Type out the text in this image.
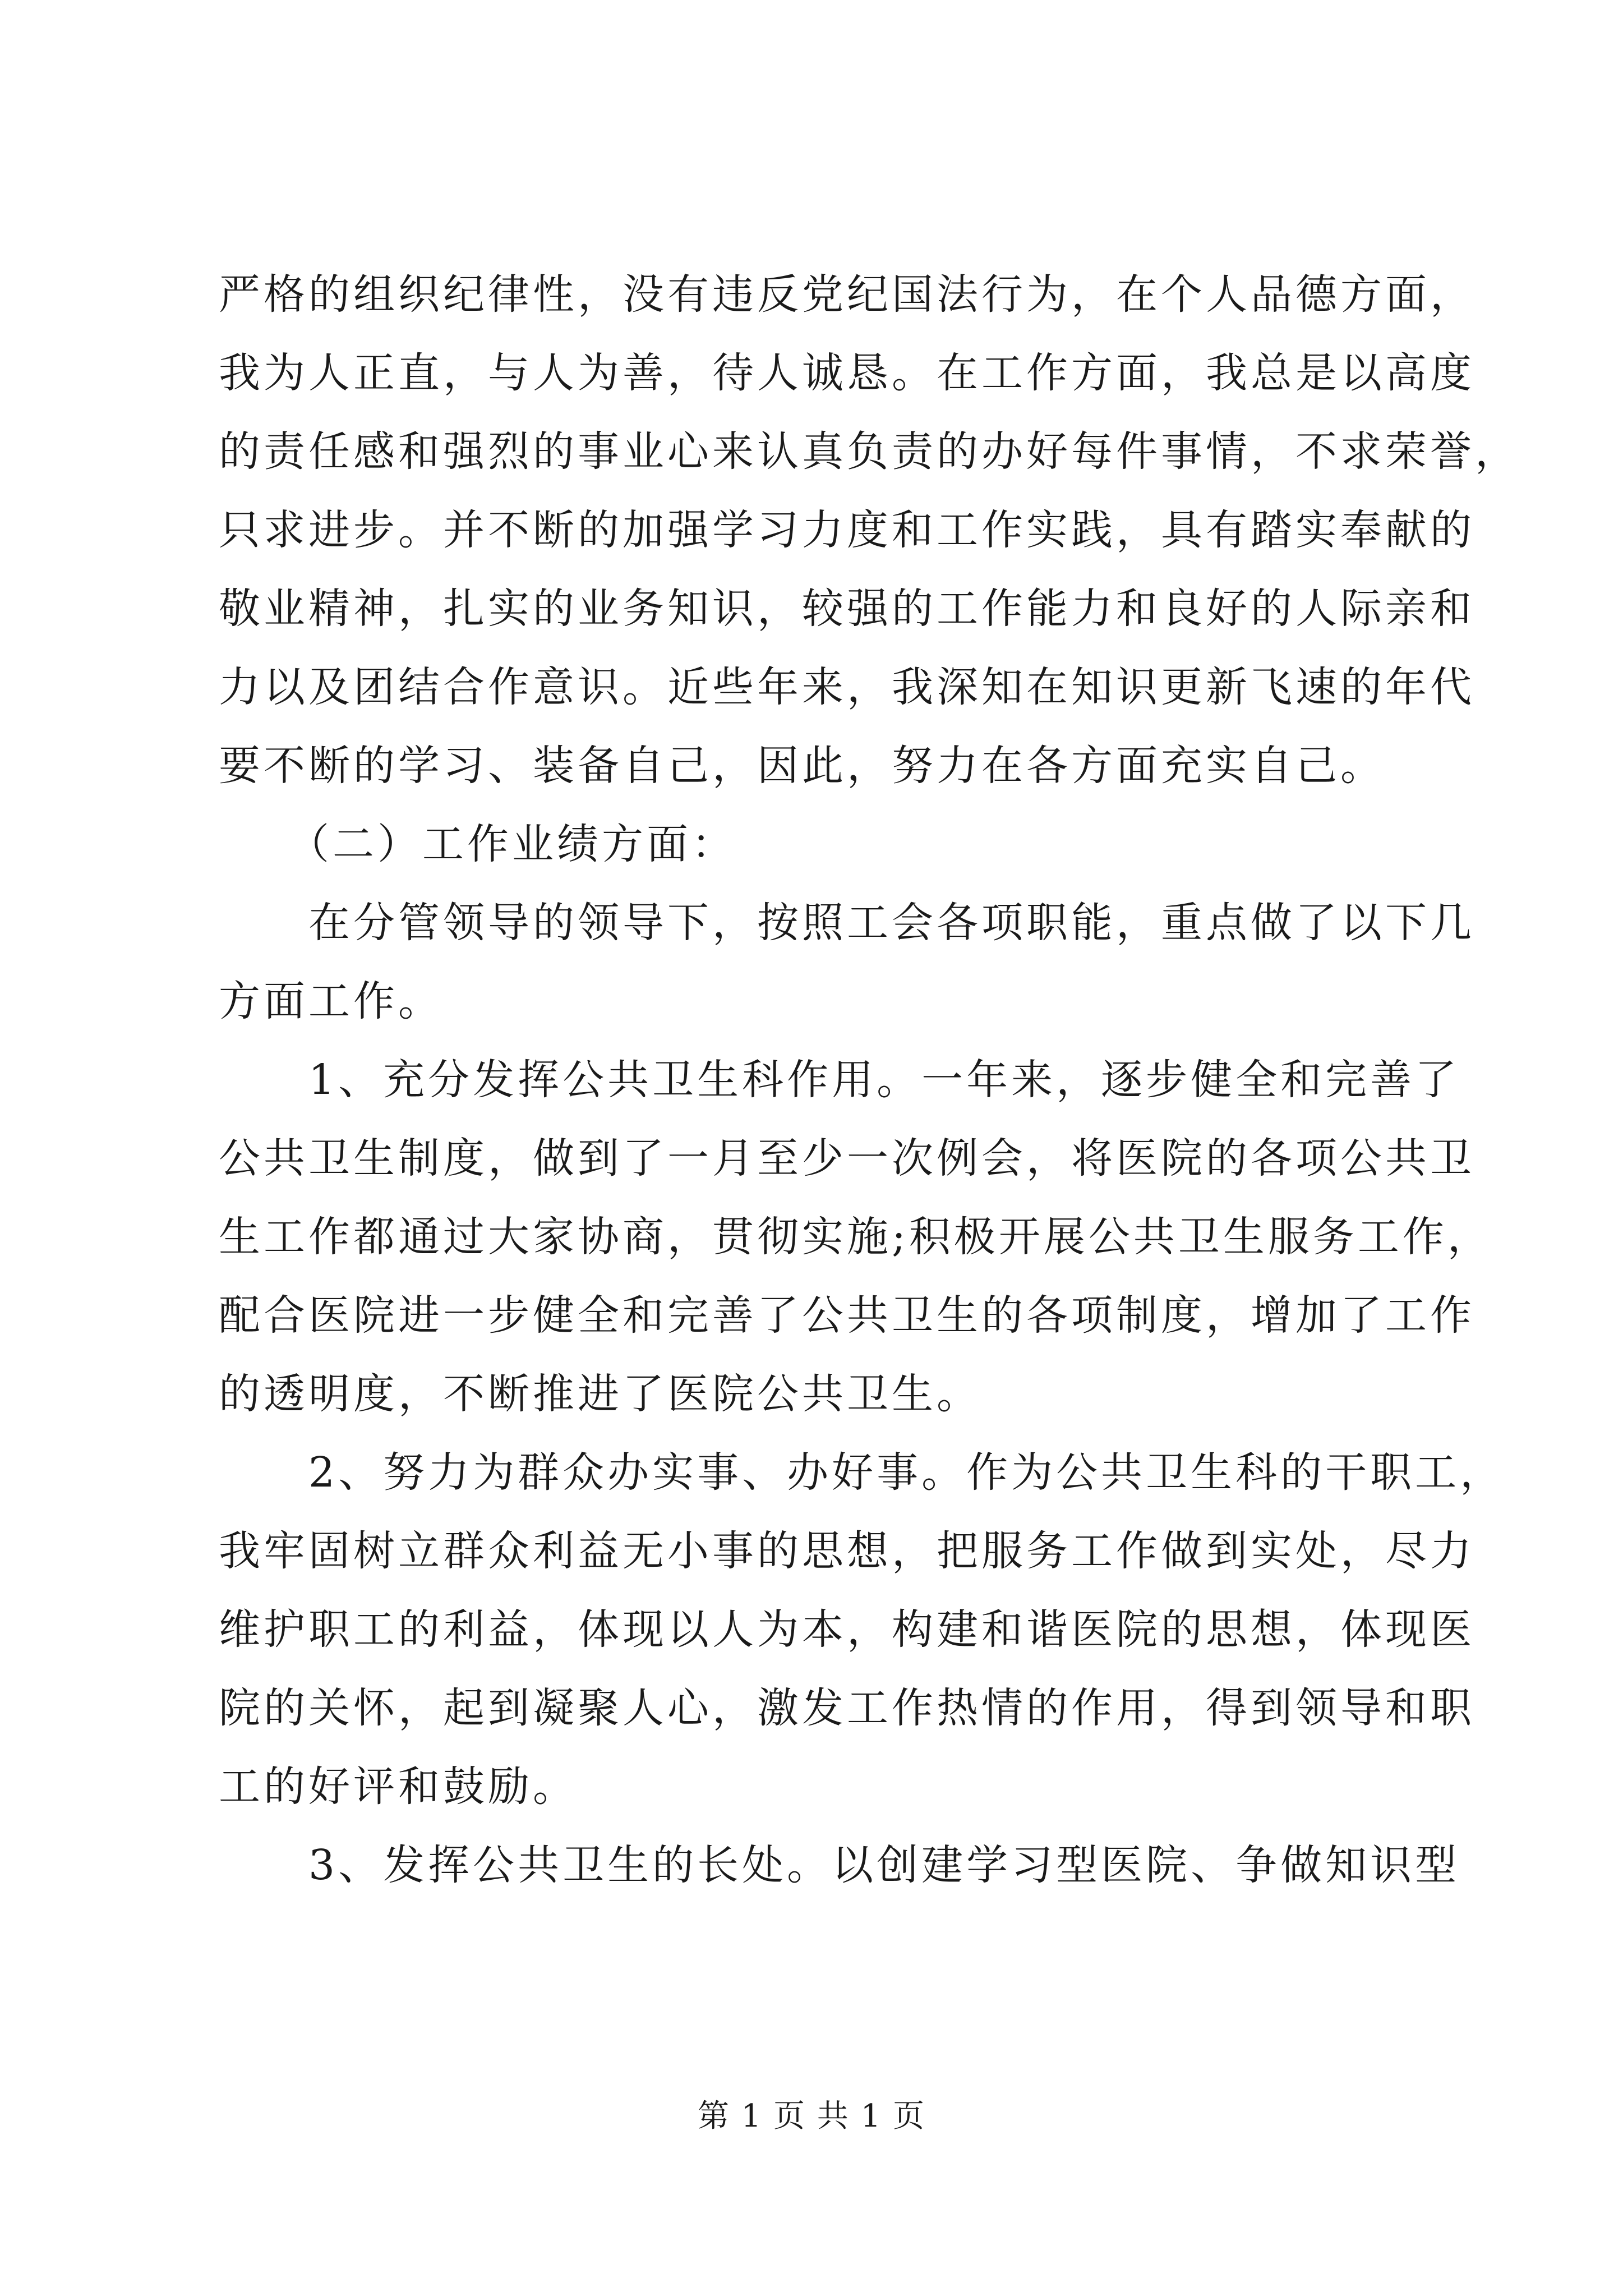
严格的组织纪律性，没有违反党纪国法行为，在个人品德方面，
我为人正直，与人为善，待人诚恳。在工作方面，我总是以高度
的责任感和强烈的事业心来认真负责的办好每件事情，不求荣誉，
只求进步。并不断的加强学习力度和工作实践，具有踏实奉献的
敬业精神，扎实的业务知识，较强的工作能力和良好的人际亲和
力以及团结合作意识。近些年来，我深知在知识更新飞速的年代
要不断的学习、装备自己，因此，努力在各方面充实自己。
　　（二）工作业绩方面：
　　在分管领导的领导下，按照工会各项职能，重点做了以下几
方面工作。
　　1、充分发挥公共卫生科作用。一年来，逐步健全和完善了
公共卫生制度，做到了一月至少一次例会，将医院的各项公共卫
生工作都通过大家协商，贯彻实施;积极开展公共卫生服务工作，
配合医院进一步健全和完善了公共卫生的各项制度，增加了工作
的透明度，不断推进了医院公共卫生。
　　2、努力为群众办实事、办好事。作为公共卫生科的干职工，
我牢固树立群众利益无小事的思想，把服务工作做到实处，尽力
维护职工的利益，体现以人为本，构建和谐医院的思想，体现医
院的关怀，起到凝聚人心，激发工作热情的作用，得到领导和职
工的好评和鼓励。
　　3、发挥公共卫生的长处。以创建学习型医院、争做知识型
第 1 页 共 1 页
